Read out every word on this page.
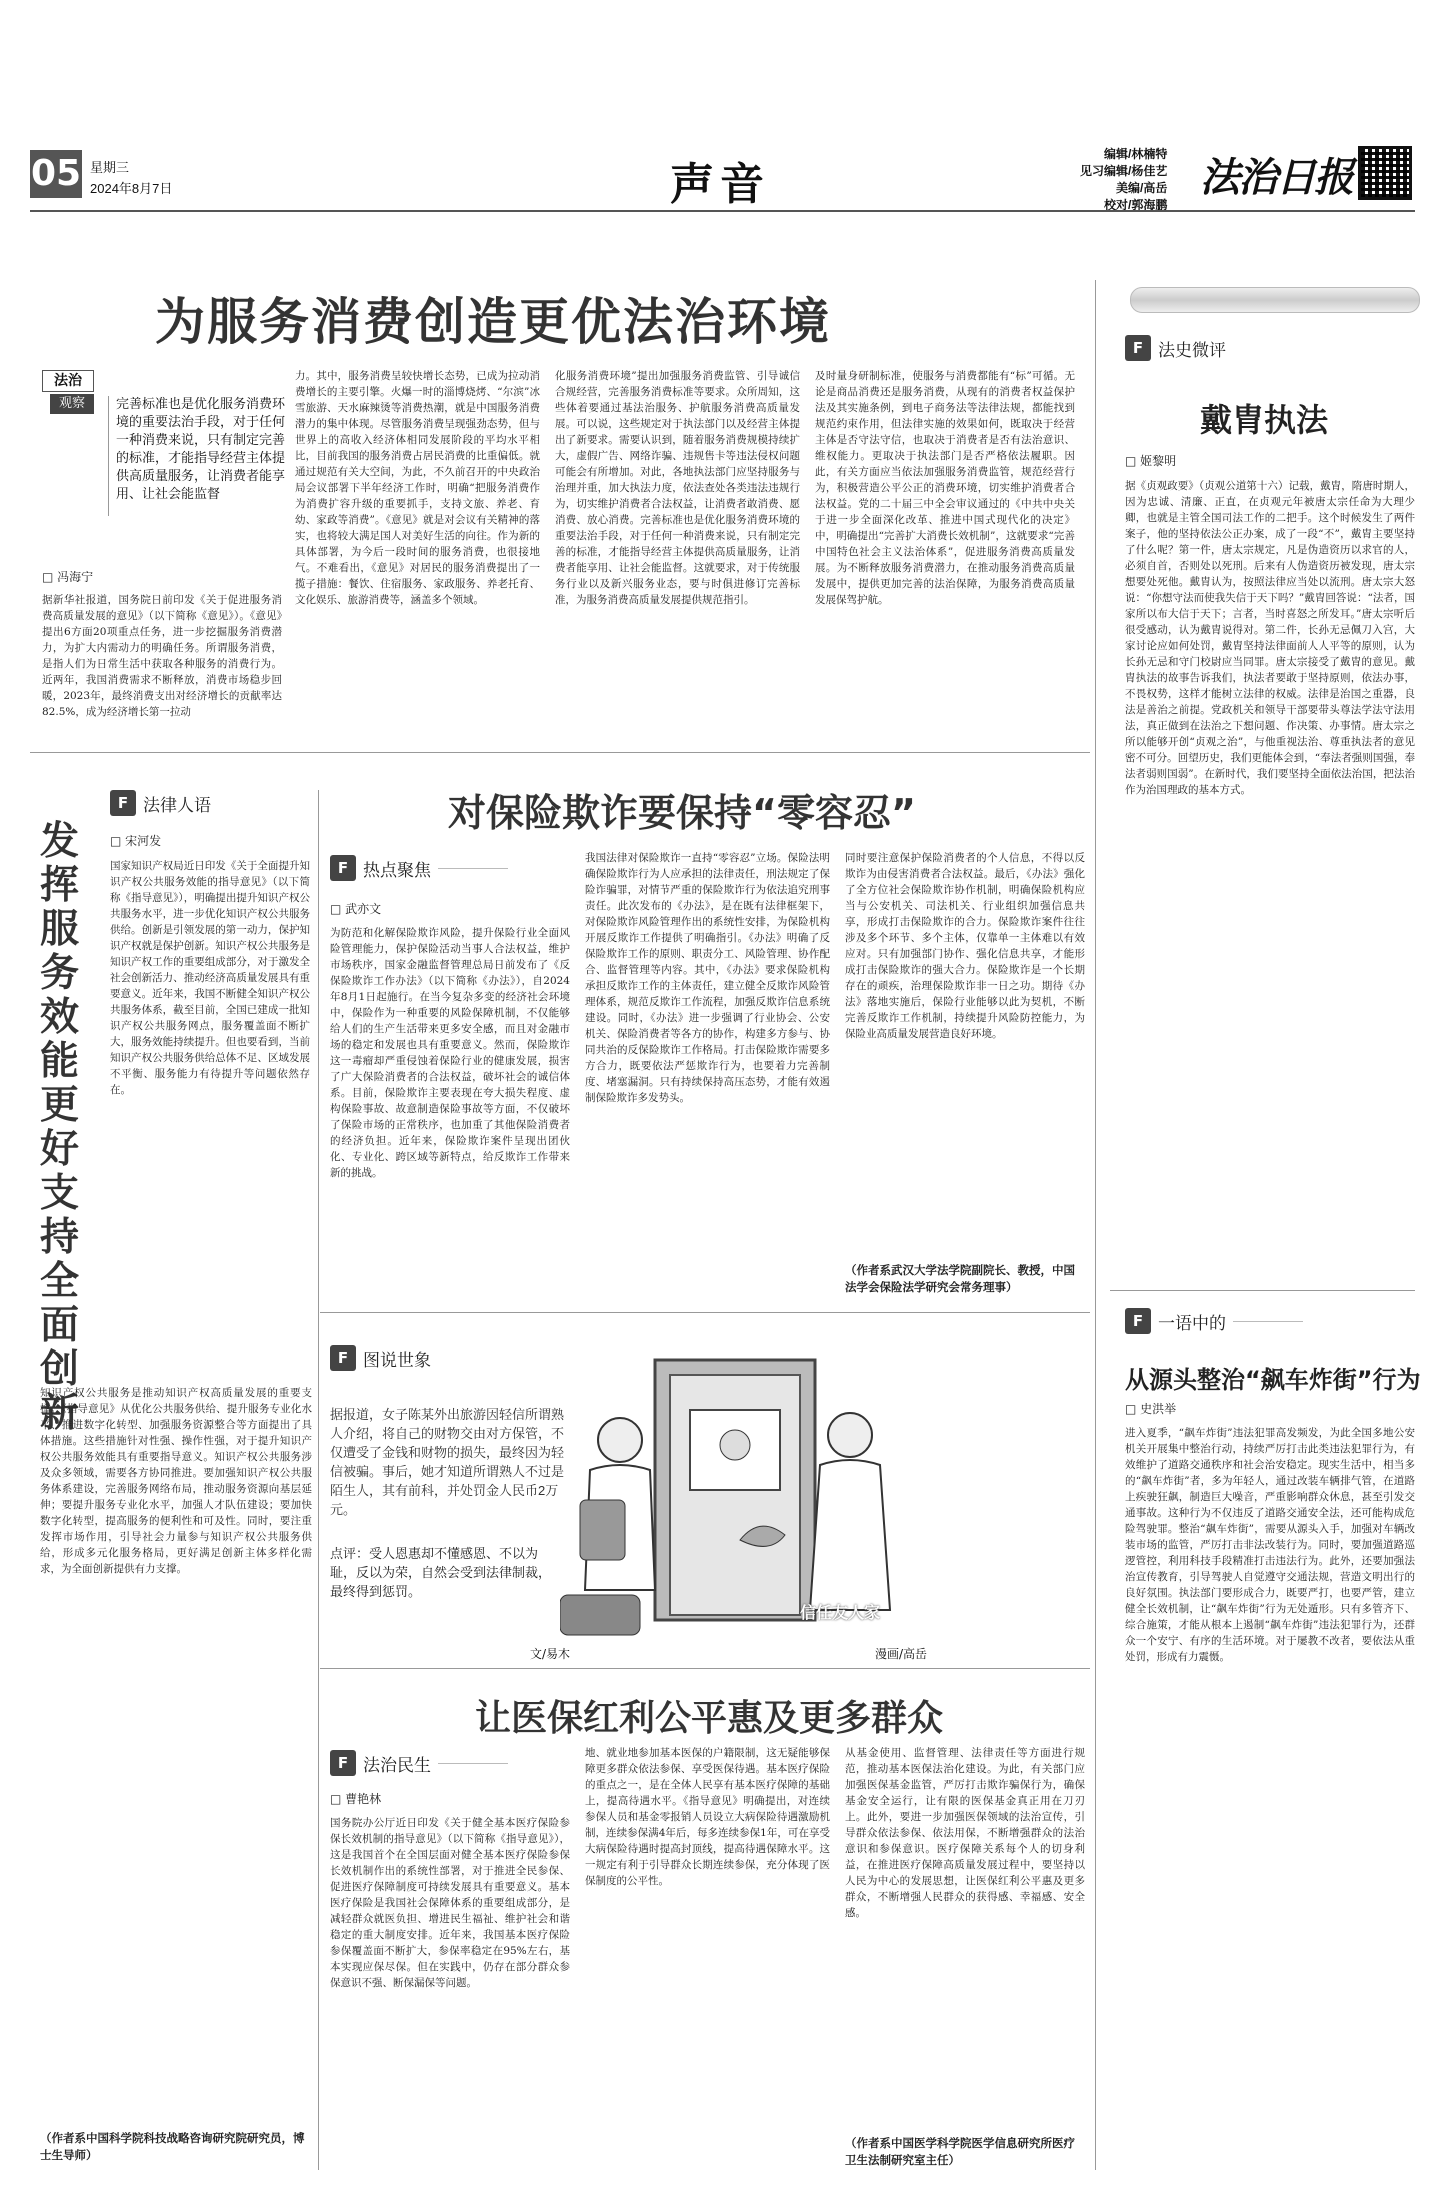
05 星期三
2024年8月7日	声音
编辑/林楠特
见习编辑/杨佳艺
美编/高岳
校对/郭海鹏
法治日报
为服务消费创造更优法治环境
法治
观察	完善标准也是优化服务消费环境的重要法治手段，对于任何一种消费来说，只有制定完善的标准，才能指导经营主体提供高质量服务，让消费者能享用、让社会能监督
□ 冯海宁
据新华社报道，国务院日前印发《关于促进服务消费高质量发展的意见》（以下简称《意见》）。《意见》提出6方面20项重点任务，进一步挖掘服务消费潜力，为扩大内需动力的明确任务。所谓服务消费，是指人们为日常生活中获取各种服务的消费行为。近两年，我国消费需求不断释放，消费市场稳步回暖，2023年，最终消费支出对经济增长的贡献率达82.5%，成为经济增长第一拉动
力。其中，服务消费呈较快增长态势，已成为拉动消费增长的主要引擎。火爆一时的淄博烧烤、“尔滨”冰雪旅游、天水麻辣烫等消费热潮，就是中国服务消费潜力的集中体现。尽管服务消费呈现强劲态势，但与世界上的高收入经济体相同发展阶段的平均水平相比，目前我国的服务消费占居民消费的比重偏低。就通过规范有关大空间，为此，不久前召开的中央政治局会议部署下半年经济工作时，明确“把服务消费作为消费扩容升级的重要抓手，支持文旅、养老、育幼、家政等消费”。《意见》就是对会议有关精神的落实，也将较大满足国人对美好生活的向往。作为新的具体部署，为今后一段时间的服务消费，也很接地气。不难看出，《意见》对居民的服务消费提出了一揽子措施：餐饮、住宿服务、家政服务、养老托育、文化娱乐、旅游消费等，涵盖多个领域。
化服务消费环境”提出加强服务消费监管、引导诚信合规经营，完善服务消费标准等要求。众所周知，这些体着要通过基法治服务、护航服务消费高质量发展。可以说，这些规定对于执法部门以及经营主体提出了新要求。需要认识到，随着服务消费规模持续扩大，虚假广告、网络诈骗、违规售卡等违法侵权问题可能会有所增加。对此，各地执法部门应坚持服务与治理并重，加大执法力度，依法查处各类违法违规行为，切实维护消费者合法权益，让消费者敢消费、愿消费、放心消费。完善标准也是优化服务消费环境的重要法治手段，对于任何一种消费来说，只有制定完善的标准，才能指导经营主体提供高质量服务，让消费者能享用、让社会能监督。这就要求，对于传统服务行业以及新兴服务业态，要与时俱进修订完善标准，为服务消费高质量发展提供规范指引。
及时量身研制标准，使服务与消费都能有“标”可循。无论是商品消费还是服务消费，从现有的消费者权益保护法及其实施条例，到电子商务法等法律法规，都能找到规范约束作用，但法律实施的效果如何，既取决于经营主体是否守法守信，也取决于消费者是否有法治意识、维权能力。更取决于执法部门是否严格依法履职。因此，有关方面应当依法加强服务消费监管，规范经营行为，积极营造公平公正的消费环境，切实维护消费者合法权益。党的二十届三中全会审议通过的《中共中央关于进一步全面深化改革、推进中国式现代化的决定》中，明确提出“完善扩大消费长效机制”，这就要求“完善中国特色社会主义法治体系”，促进服务消费高质量发展。为不断释放服务消费潜力，在推动服务消费高质量发展中，提供更加完善的法治保障，为服务消费高质量发展保驾护航。
F 法史微评
戴胄执法
□ 姬黎明
据《贞观政要》（贞观公道第十六）记载，戴胄，隋唐时期人，因为忠诚、清廉、正直，在贞观元年被唐太宗任命为大理少卿，也就是主管全国司法工作的二把手。这个时候发生了两件案子，他的坚持依法公正办案，成了一段“不”，戴胄主要坚持了什么呢？第一件，唐太宗规定，凡是伪造资历以求官的人，必须自首，否则处以死刑。后来有人伪造资历被发现，唐太宗想要处死他。戴胄认为，按照法律应当处以流刑。唐太宗大怒说：“你想守法而使我失信于天下吗？”戴胄回答说：“法者，国家所以布大信于天下；言者，当时喜怒之所发耳。”唐太宗听后很受感动，认为戴胄说得对。第二件，长孙无忌佩刀入宫，大家讨论应如何处罚，戴胄坚持法律面前人人平等的原则，认为长孙无忌和守门校尉应当同罪。唐太宗接受了戴胄的意见。戴胄执法的故事告诉我们，执法者要敢于坚持原则，依法办事，不畏权势，这样才能树立法律的权威。法律是治国之重器，良法是善治之前提。党政机关和领导干部要带头尊法学法守法用法，真正做到在法治之下想问题、作决策、办事情。唐太宗之所以能够开创“贞观之治”，与他重视法治、尊重执法者的意见密不可分。回望历史，我们更能体会到，“奉法者强则国强，奉法者弱则国弱”。在新时代，我们要坚持全面依法治国，把法治作为治国理政的基本方式。
F 一语中的
从源头整治“飙车炸街”行为
□ 史洪举
进入夏季，“飙车炸街”违法犯罪高发频发，为此全国多地公安机关开展集中整治行动，持续严厉打击此类违法犯罪行为，有效维护了道路交通秩序和社会治安稳定。现实生活中，相当多的“飙车炸街”者，多为年轻人，通过改装车辆排气管，在道路上疾驶狂飙，制造巨大噪音，严重影响群众休息，甚至引发交通事故。这种行为不仅违反了道路交通安全法，还可能构成危险驾驶罪。整治“飙车炸街”，需要从源头入手，加强对车辆改装市场的监管，严厉打击非法改装行为。同时，要加强道路巡逻管控，利用科技手段精准打击违法行为。此外，还要加强法治宣传教育，引导驾驶人自觉遵守交通法规，营造文明出行的良好氛围。执法部门要形成合力，既要严打，也要严管，建立健全长效机制，让“飙车炸街”行为无处遁形。只有多管齐下、综合施策，才能从根本上遏制“飙车炸街”违法犯罪行为，还群众一个安宁、有序的生活环境。对于屡教不改者，要依法从重处罚，形成有力震慑。
对保险欺诈要保持“零容忍”
F 热点聚焦
□ 武亦文
为防范和化解保险欺诈风险，提升保险行业全面风险管理能力，保护保险活动当事人合法权益，维护市场秩序，国家金融监督管理总局日前发布了《反保险欺诈工作办法》（以下简称《办法》），自2024年8月1日起施行。在当今复杂多变的经济社会环境中，保险作为一种重要的风险保障机制，不仅能够给人们的生产生活带来更多安全感，而且对金融市场的稳定和发展也具有重要意义。然而，保险欺诈这一毒瘤却严重侵蚀着保险行业的健康发展，损害了广大保险消费者的合法权益，破坏社会的诚信体系。目前，保险欺诈主要表现在夸大损失程度、虚构保险事故、故意制造保险事故等方面，不仅破坏了保险市场的正常秩序，也加重了其他保险消费者的经济负担。近年来，保险欺诈案件呈现出团伙化、专业化、跨区域等新特点，给反欺诈工作带来新的挑战。
我国法律对保险欺诈一直持“零容忍”立场。保险法明确保险欺诈行为人应承担的法律责任，刑法规定了保险诈骗罪，对情节严重的保险欺诈行为依法追究刑事责任。此次发布的《办法》，是在既有法律框架下，对保险欺诈风险管理作出的系统性安排，为保险机构开展反欺诈工作提供了明确指引。《办法》明确了反保险欺诈工作的原则、职责分工、风险管理、协作配合、监督管理等内容。其中，《办法》要求保险机构承担反欺诈工作的主体责任，建立健全反欺诈风险管理体系，规范反欺诈工作流程，加强反欺诈信息系统建设。同时，《办法》进一步强调了行业协会、公安机关、保险消费者等各方的协作，构建多方参与、协同共治的反保险欺诈工作格局。打击保险欺诈需要多方合力，既要依法严惩欺诈行为，也要着力完善制度、堵塞漏洞。只有持续保持高压态势，才能有效遏制保险欺诈多发势头。
同时要注意保护保险消费者的个人信息，不得以反欺诈为由侵害消费者合法权益。最后，《办法》强化了全方位社会保险欺诈协作机制，明确保险机构应当与公安机关、司法机关、行业组织加强信息共享，形成打击保险欺诈的合力。保险欺诈案件往往涉及多个环节、多个主体，仅靠单一主体难以有效应对。只有加强部门协作、强化信息共享，才能形成打击保险欺诈的强大合力。保险欺诈是一个长期存在的顽疾，治理保险欺诈非一日之功。期待《办法》落地实施后，保险行业能够以此为契机，不断完善反欺诈工作机制，持续提升风险防控能力，为保险业高质量发展营造良好环境。
（作者系武汉大学法学院副院长、教授，中国法学会保险法学研究会常务理事）
F 法律人语
发挥服务效能更好支持全面创新
□ 宋河发
国家知识产权局近日印发《关于全面提升知识产权公共服务效能的指导意见》（以下简称《指导意见》），明确提出提升知识产权公共服务水平，进一步优化知识产权公共服务供给。创新是引领发展的第一动力，保护知识产权就是保护创新。知识产权公共服务是知识产权工作的重要组成部分，对于激发全社会创新活力、推动经济高质量发展具有重要意义。近年来，我国不断健全知识产权公共服务体系，截至目前，全国已建成一批知识产权公共服务网点，服务覆盖面不断扩大，服务效能持续提升。但也要看到，当前知识产权公共服务供给总体不足、区域发展不平衡、服务能力有待提升等问题依然存在。
知识产权公共服务是推动知识产权高质量发展的重要支撑。《指导意见》从优化公共服务供给、提升服务专业化水平、推进数字化转型、加强服务资源整合等方面提出了具体措施。这些措施针对性强、操作性强，对于提升知识产权公共服务效能具有重要指导意义。知识产权公共服务涉及众多领域，需要各方协同推进。要加强知识产权公共服务体系建设，完善服务网络布局，推动服务资源向基层延伸；要提升服务专业化水平，加强人才队伍建设；要加快数字化转型，提高服务的便利性和可及性。同时，要注重发挥市场作用，引导社会力量参与知识产权公共服务供给，形成多元化服务格局，更好满足创新主体多样化需求，为全面创新提供有力支撑。
（作者系中国科学院科技战略咨询研究院研究员，博士生导师）
F 图说世象
据报道，女子陈某外出旅游因轻信所谓熟人介绍，将自己的财物交由对方保管，不仅遭受了金钱和财物的损失，最终因为轻信被骗。事后，她才知道所谓熟人不过是陌生人，其有前科，并处罚金人民币2万元。
点评：受人恩惠却不懂感恩、不以为耻，反以为荣，自然会受到法律制裁，最终得到惩罚。
信任友人家
文/易木	漫画/高岳
让医保红利公平惠及更多群众
F 法治民生
□ 曹艳林
国务院办公厅近日印发《关于健全基本医疗保险参保长效机制的指导意见》（以下简称《指导意见》），这是我国首个在全国层面对健全基本医疗保险参保长效机制作出的系统性部署，对于推进全民参保、促进医疗保障制度可持续发展具有重要意义。基本医疗保险是我国社会保障体系的重要组成部分，是减轻群众就医负担、增进民生福祉、维护社会和谐稳定的重大制度安排。近年来，我国基本医疗保险参保覆盖面不断扩大，参保率稳定在95%左右，基本实现应保尽保。但在实践中，仍存在部分群众参保意识不强、断保漏保等问题。
地、就业地参加基本医保的户籍限制，这无疑能够保障更多群众依法参保、享受医保待遇。基本医疗保险的重点之一，是在全体人民享有基本医疗保障的基础上，提高待遇水平。《指导意见》明确提出，对连续参保人员和基金零报销人员设立大病保险待遇激励机制，连续参保满4年后，每多连续参保1年，可在享受大病保险待遇时提高封顶线，提高待遇保障水平。这一规定有利于引导群众长期连续参保，充分体现了医保制度的公平性。
从基金使用、监督管理、法律责任等方面进行规范，推动基本医保法治化建设。为此，有关部门应加强医保基金监管，严厉打击欺诈骗保行为，确保基金安全运行，让有限的医保基金真正用在刀刃上。此外，要进一步加强医保领域的法治宣传，引导群众依法参保、依法用保，不断增强群众的法治意识和参保意识。医疗保障关系每个人的切身利益，在推进医疗保障高质量发展过程中，要坚持以人民为中心的发展思想，让医保红利公平惠及更多群众，不断增强人民群众的获得感、幸福感、安全感。
（作者系中国医学科学院医学信息研究所医疗卫生法制研究室主任）
